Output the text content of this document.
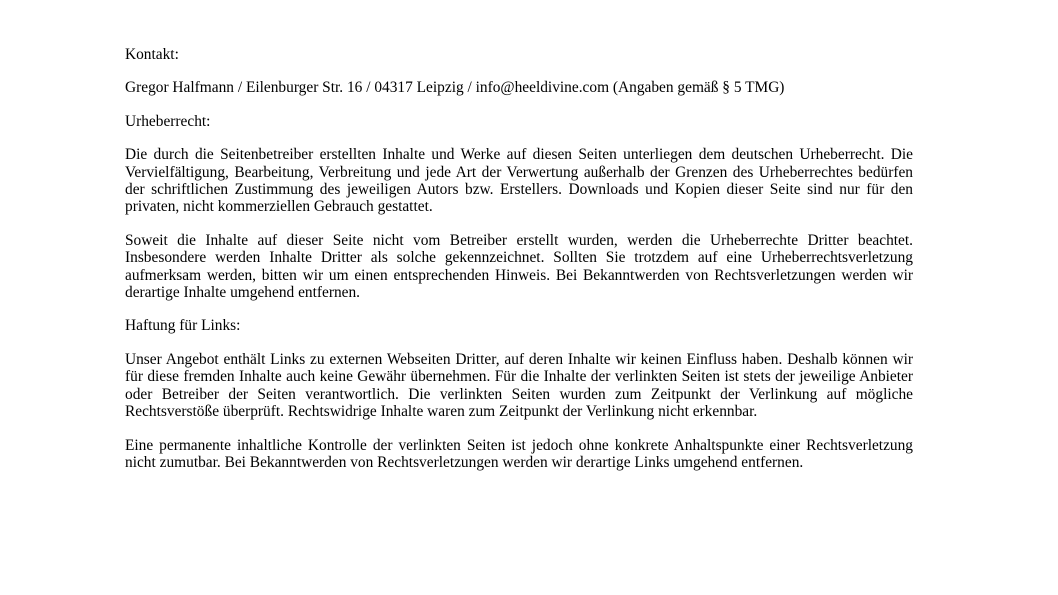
Kontakt:
Gregor Halfmann / Eilenburger Str. 16 / 04317 Leipzig / info@heeldivine.com (Angaben gemäß § 5 TMG)
Urheberrecht:
Die durch die Seitenbetreiber erstellten Inhalte und Werke auf diesen Seiten unterliegen dem deutschen Urheberrecht. Die Vervielfältigung, Bearbeitung, Verbreitung und jede Art der Verwertung außerhalb der Grenzen des Urheberrechtes bedürfen der schriftlichen Zustimmung des jeweiligen Autors bzw. Erstellers. Downloads und Kopien dieser Seite sind nur für den privaten, nicht kommerziellen Gebrauch gestattet.
Soweit die Inhalte auf dieser Seite nicht vom Betreiber erstellt wurden, werden die Urheberrechte Dritter beachtet. Insbesondere werden Inhalte Dritter als solche gekennzeichnet. Sollten Sie trotzdem auf eine Urheberrechtsverletzung aufmerksam werden, bitten wir um einen entsprechenden Hinweis. Bei Bekanntwerden von Rechtsverletzungen werden wir derartige Inhalte umgehend entfernen.
Haftung für Links:
Unser Angebot enthält Links zu externen Webseiten Dritter, auf deren Inhalte wir keinen Einfluss haben. Deshalb können wir für diese fremden Inhalte auch keine Gewähr übernehmen. Für die Inhalte der verlinkten Seiten ist stets der jeweilige Anbieter oder Betreiber der Seiten verantwortlich. Die verlinkten Seiten wurden zum Zeitpunkt der Verlinkung auf mögliche Rechtsverstöße überprüft. Rechtswidrige Inhalte waren zum Zeitpunkt der Verlinkung nicht erkennbar.
Eine permanente inhaltliche Kontrolle der verlinkten Seiten ist jedoch ohne konkrete Anhaltspunkte einer Rechtsverletzung nicht zumutbar. Bei Bekanntwerden von Rechtsverletzungen werden wir derartige Links umgehend entfernen.
